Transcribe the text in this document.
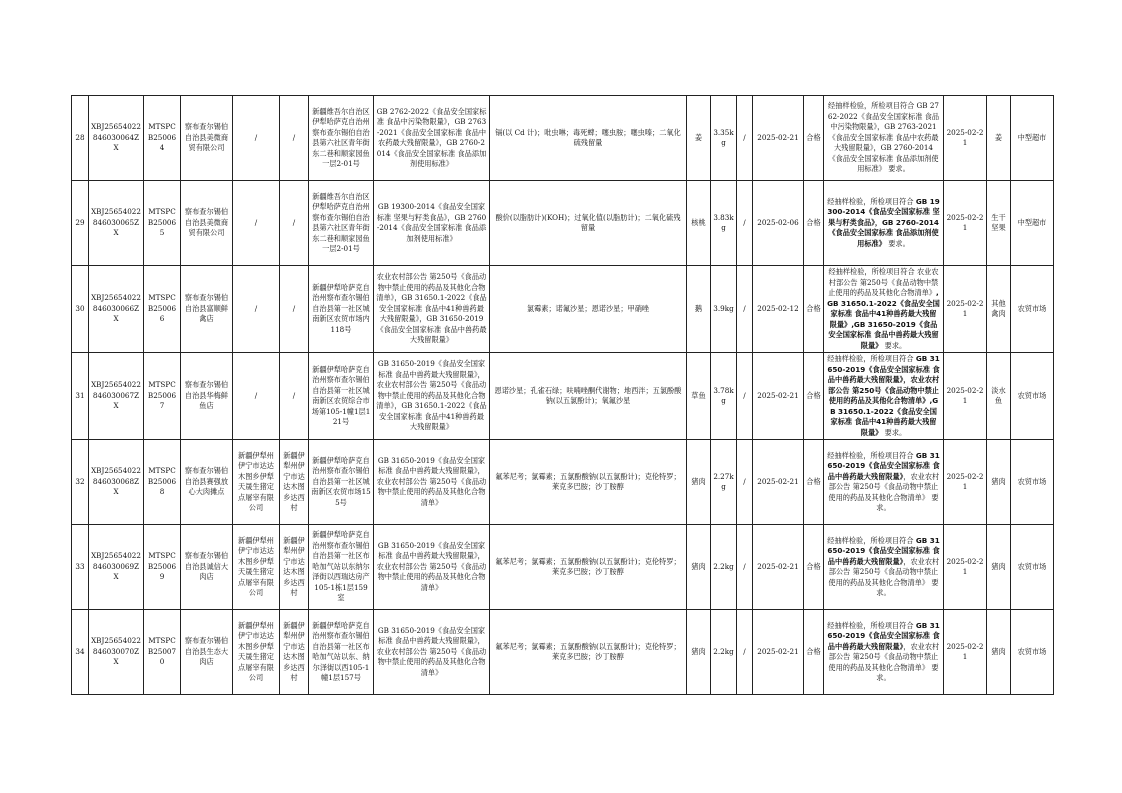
28	XBJ25654022846030064ZX	MTSPCB250064	察布查尔锡伯自治县美微商贸有限公司	/	/	新疆维吾尔自治区伊犁哈萨克自治州察布查尔锡伯自治县第六社区青年街东二巷和顺家园鱼一层2-01号	GB 2762-2022《食品安全国家标准 食品中污染物限量》，GB 2763-2021《食品安全国家标准 食品中农药最大残留限量》，GB 2760-2014《食品安全国家标准 食品添加剂使用标准》	镉(以 Cd 计)；吡虫啉；毒死蜱；噻虫胺；噻虫嗪；二氧化硫残留量	姜	3.35kg	/	2025-02-21	合格	经抽样检验，所检项目符合 GB 2762-2022《食品安全国家标准 食品中污染物限量》，GB 2763-2021《食品安全国家标准 食品中农药最大残留限量》，GB 2760-2014《食品安全国家标准 食品添加剂使用标准》 要求。	2025-02-21	姜	中型超市
29	XBJ25654022846030065ZX	MTSPCB250065	察布查尔锡伯自治县美微商贸有限公司	/	/	新疆维吾尔自治区伊犁哈萨克自治州察布查尔锡伯自治县第六社区青年街东二巷和顺家园鱼一层2-01号	GB 19300-2014《食品安全国家标准 坚果与籽类食品》，GB 2760-2014《食品安全国家标准 食品添加剂使用标准》	酸价(以脂肪计)(KOH)；过氧化值(以脂肪计)；二氧化硫残留量	核桃	3.83kg	/	2025-02-06	合格	经抽样检验，所检项目符合 GB 19300-2014《食品安全国家标准 坚果与籽类食品》，GB 2760-2014《食品安全国家标准 食品添加剂使用标准》 要求。	2025-02-21	生干坚果	中型超市
30	XBJ25654022846030066ZX	MTSPCB250066	察布查尔锡伯自治县富顺鲜禽店	/	/	新疆伊犁哈萨克自治州察布查尔锡伯自治县第一社区城南新区农贸市场内118号	农业农村部公告 第250号《食品动物中禁止使用的药品及其他化合物清单》，GB 31650.1-2022《食品安全国家标准 食品中41种兽药最大残留限量》，GB 31650-2019《食品安全国家标准 食品中兽药最大残留限量》	氯霉素；诺氟沙星；恩诺沙星；甲硝唑	鹅	3.9kg	/	2025-02-12	合格	经抽样检验，所检项目符合 农业农村部公告 第250号《食品动物中禁止使用的药品及其他化合物清单》,GB 31650.1-2022《食品安全国家标准 食品中41种兽药最大残留限量》,GB 31650-2019《食品安全国家标准 食品中兽药最大残留限量》 要求。	2025-02-21	其他禽肉	农贸市场
31	XBJ25654022846030067ZX	MTSPCB250067	察布查尔锡伯自治县华梅鲜鱼店	/	/	新疆伊犁哈萨克自治州察布查尔锡伯自治县第一社区城南新区农贸综合市场第105-1幢1层121号	GB 31650-2019《食品安全国家标准 食品中兽药最大残留限量》，农业农村部公告 第250号《食品动物中禁止使用的药品及其他化合物清单》，GB 31650.1-2022《食品安全国家标准 食品中41种兽药最大残留限量》	恩诺沙星；孔雀石绿；呋喃唑酮代谢物；地西泮；五氯酚酸钠(以五氯酚计)；氧氟沙星	草鱼	3.78kg	/	2025-02-21	合格	经抽样检验，所检项目符合 GB 31650-2019《食品安全国家标准 食品中兽药最大残留限量》，农业农村部公告 第250号《食品动物中禁止使用的药品及其他化合物清单》,GB 31650.1-2022《食品安全国家标准 食品中41种兽药最大残留限量》 要求。	2025-02-21	淡水鱼	农贸市场
32	XBJ25654022846030068ZX	MTSPCB250068	察布查尔锡伯自治县赛强放心大肉摊点	新疆伊犁州伊宁市达达木图乡伊犁天晟生猪定点屠宰有限公司	新疆伊犁州伊宁市达达木图乡达西村	新疆伊犁哈萨克自治州察布查尔锡伯自治县第一社区城南新区农贸市场155号	GB 31650-2019《食品安全国家标准 食品中兽药最大残留限量》，农业农村部公告 第250号《食品动物中禁止使用的药品及其他化合物清单》	氟苯尼考；氯霉素；五氯酚酸钠(以五氯酚计)；克伦特罗；莱克多巴胺；沙丁胺醇	猪肉	2.27kg	/	2025-02-21	合格	经抽样检验，所检项目符合 GB 31650-2019《食品安全国家标准 食品中兽药最大残留限量》，农业农村部公告 第250号《食品动物中禁止使用的药品及其他化合物清单》 要求。	2025-02-21	猪肉	农贸市场
33	XBJ25654022846030069ZX	MTSPCB250069	察布查尔锡伯自治县诚信大肉店	新疆伊犁州伊宁市达达木图乡伊犁天晟生猪定点屠宰有限公司	新疆伊犁州伊宁市达达木图乡达西村	新疆伊犁哈萨克自治州察布查尔锡伯自治县第一社区布哈加气站以东纳尔泽街以西瑞达房产105-1栋1层159室	GB 31650-2019《食品安全国家标准 食品中兽药最大残留限量》，农业农村部公告 第250号《食品动物中禁止使用的药品及其他化合物清单》	氟苯尼考；氯霉素；五氯酚酸钠(以五氯酚计)；克伦特罗；莱克多巴胺；沙丁胺醇	猪肉	2.2kg	/	2025-02-21	合格	经抽样检验，所检项目符合 GB 31650-2019《食品安全国家标准 食品中兽药最大残留限量》，农业农村部公告 第250号《食品动物中禁止使用的药品及其他化合物清单》 要求。	2025-02-21	猪肉	农贸市场
34	XBJ25654022846030070ZX	MTSPCB250070	察布查尔锡伯自治县生态大肉店	新疆伊犁州伊宁市达达木图乡伊犁天晟生猪定点屠宰有限公司	新疆伊犁州伊宁市达达木图乡达西村	新疆伊犁哈萨克自治州察布查尔锡伯自治县第一社区布哈加气站以东、纳尔泽街以西105-1幢1层157号	GB 31650-2019《食品安全国家标准 食品中兽药最大残留限量》，农业农村部公告 第250号《食品动物中禁止使用的药品及其他化合物清单》	氟苯尼考；氯霉素；五氯酚酸钠(以五氯酚计)；克伦特罗；莱克多巴胺；沙丁胺醇	猪肉	2.2kg	/	2025-02-21	合格	经抽样检验，所检项目符合 GB 31650-2019《食品安全国家标准 食品中兽药最大残留限量》，农业农村部公告 第250号《食品动物中禁止使用的药品及其他化合物清单》 要求。	2025-02-21	猪肉	农贸市场
